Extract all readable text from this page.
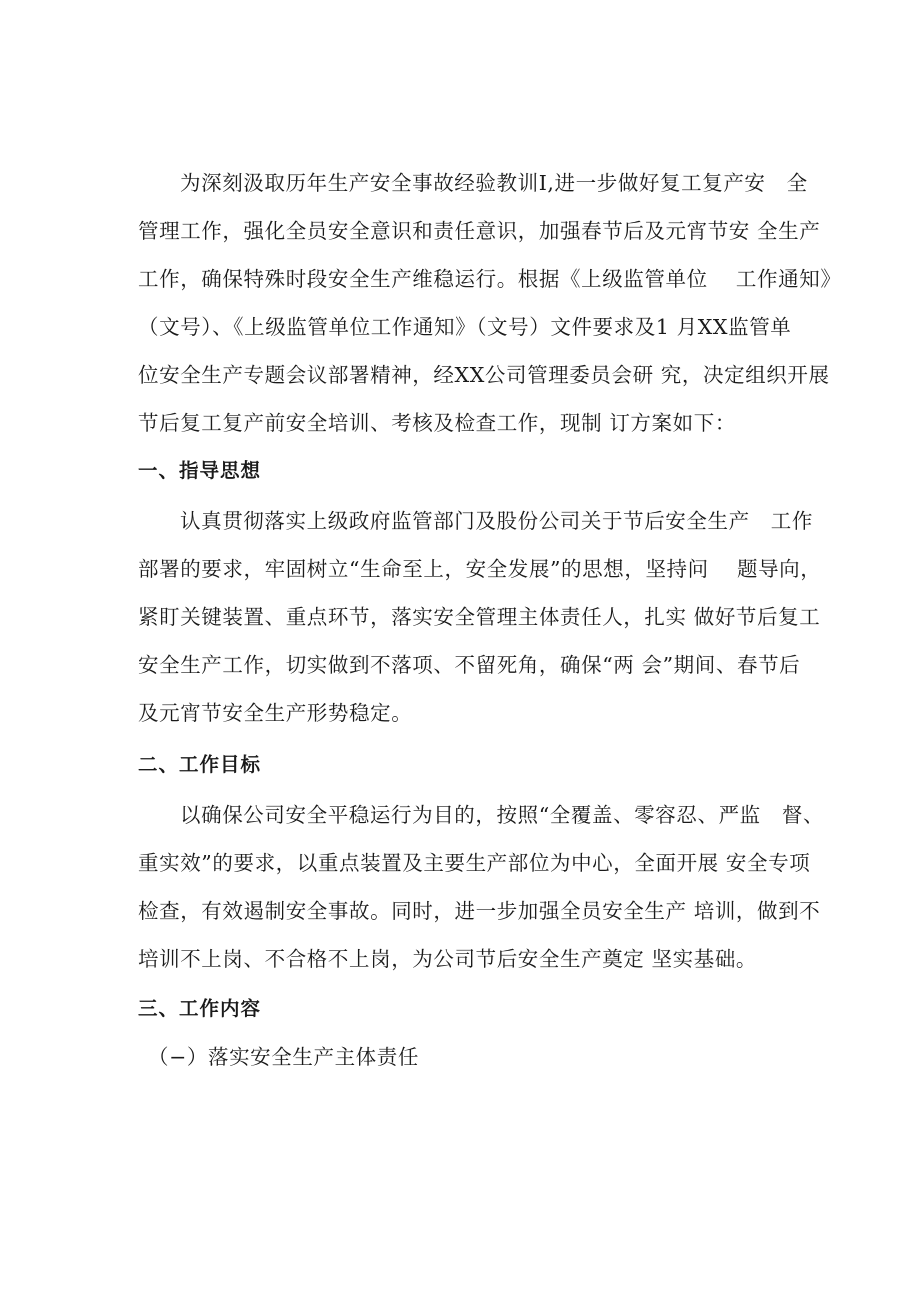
为深刻汲取历年生产安全事故经验教训I,进一步做好复工复产安　全
管理工作，强化全员安全意识和责任意识，加强春节后及元宵节安 全生产
工作，确保特殊时段安全生产维稳运行。根据《上级监管单位　 工作通知》
（文号）、《上级监管单位工作通知》（文号）文件要求及1 月XX监管单
位安全生产专题会议部署精神，经XX公司管理委员会研 究，决定组织开展
节后复工复产前安全培训、考核及检查工作，现制 订方案如下：
一、指导思想
认真贯彻落实上级政府监管部门及股份公司关于节后安全生产　工作
部署的要求，牢固树立“生命至上，安全发展”的思想，坚持问　 题导向，
紧盯关键装置、重点环节，落实安全管理主体责任人，扎实 做好节后复工
安全生产工作，切实做到不落项、不留死角，确保“两 会”期间、春节后
及元宵节安全生产形势稳定。
二、工作目标
以确保公司安全平稳运行为目的，按照“全覆盖、零容忍、严监　督、
重实效”的要求，以重点装置及主要生产部位为中心，全面开展 安全专项
检查，有效遏制安全事故。同时，进一步加强全员安全生产 培训，做到不
培训不上岗、不合格不上岗，为公司节后安全生产奠定 坚实基础。
三、工作内容
（−）落实安全生产主体责任
